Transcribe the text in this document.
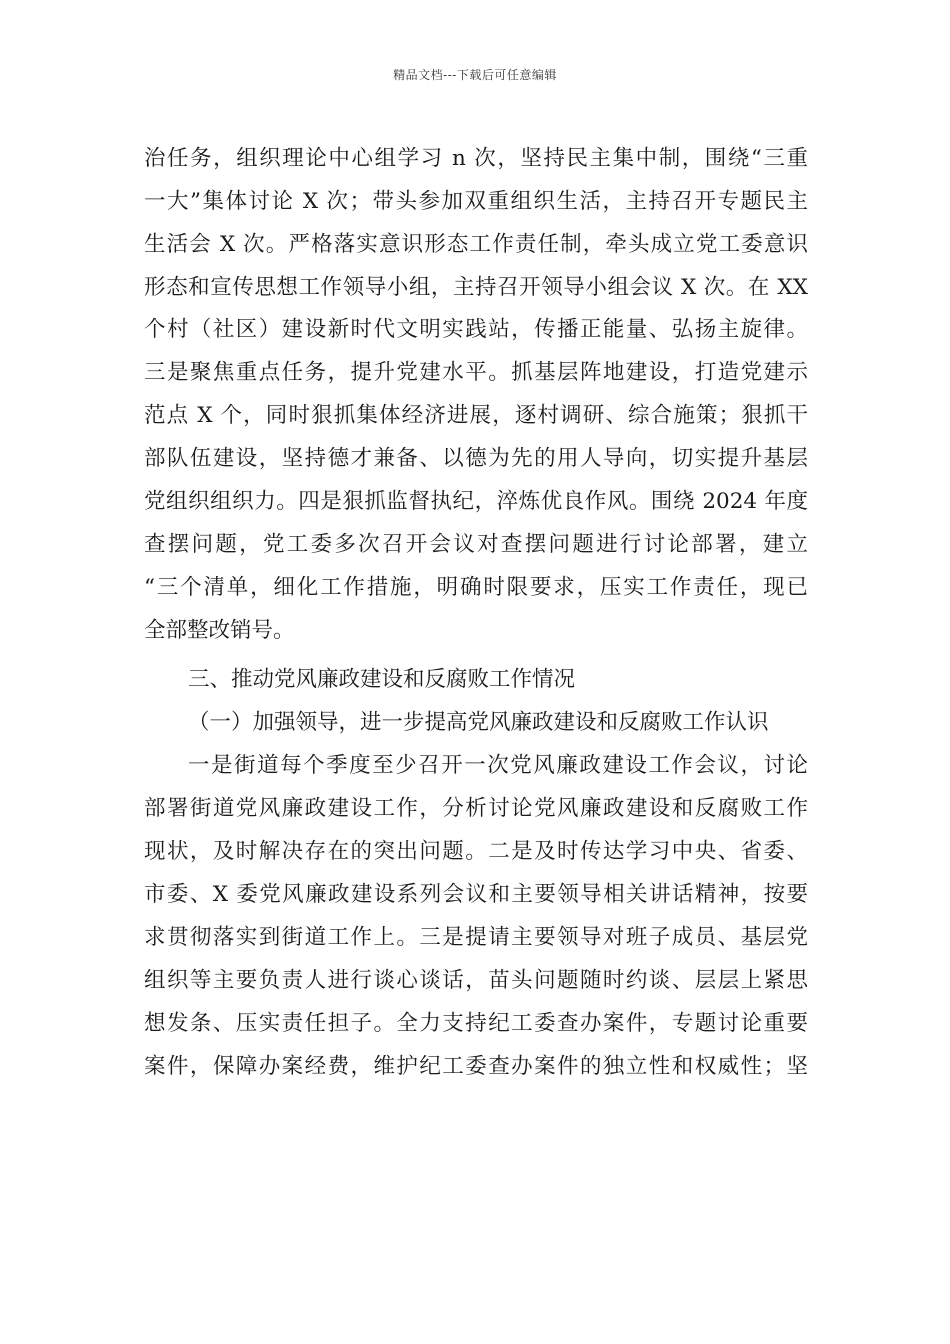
精品文档---下载后可任意编辑
治任务，组织理论中心组学习 n 次，坚持民主集中制，围绕“三重
一大”集体讨论 X 次；带头参加双重组织生活，主持召开专题民主
生活会 X 次。严格落实意识形态工作责任制，牵头成立党工委意识
形态和宣传思想工作领导小组，主持召开领导小组会议 X 次。在 XX
个村（社区）建设新时代文明实践站，传播正能量、弘扬主旋律。
三是聚焦重点任务，提升党建水平。抓基层阵地建设，打造党建示
范点 X 个，同时狠抓集体经济进展，逐村调研、综合施策；狠抓干
部队伍建设，坚持德才兼备、以德为先的用人导向，切实提升基层
党组织组织力。四是狠抓监督执纪，淬炼优良作风。围绕 2024 年度
查摆问题，党工委多次召开会议对查摆问题进行讨论部署，建立
“三个清单，细化工作措施，明确时限要求，压实工作责任，现已
全部整改销号。
三、推动党风廉政建设和反腐败工作情况
（一）加强领导，进一步提高党风廉政建设和反腐败工作认识
一是街道每个季度至少召开一次党风廉政建设工作会议，讨论
部署街道党风廉政建设工作，分析讨论党风廉政建设和反腐败工作
现状，及时解决存在的突出问题。二是及时传达学习中央、省委、
市委、X 委党风廉政建设系列会议和主要领导相关讲话精神，按要
求贯彻落实到街道工作上。三是提请主要领导对班子成员、基层党
组织等主要负责人进行谈心谈话，苗头问题随时约谈、层层上紧思
想发条、压实责任担子。全力支持纪工委查办案件，专题讨论重要
案件，保障办案经费，维护纪工委查办案件的独立性和权威性；坚
